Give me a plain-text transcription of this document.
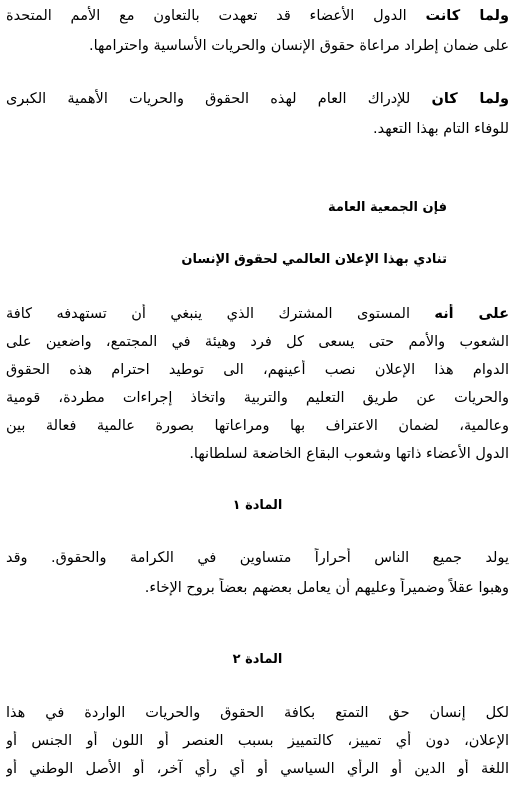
ولما كانت الدول الأعضاء قد تعهدت بالتعاون مع الأمم المتحدة
على ضمان إطراد مراعاة حقوق الإنسان والحريات الأساسية واحترامها.
ولما كان للإدراك العام لهذه الحقوق والحريات الأهمية الكبرى
للوفاء التام بهذا التعهد.
فإن الجمعية العامة
تنادي بهذا الإعلان العالمي لحقوق الإنسان
على أنه المستوى المشترك الذي ينبغي أن تستهدفه كافة
الشعوب والأمم حتى يسعى كل فرد وهيئة في المجتمع، واضعين على
الدوام هذا الإعلان نصب أعينهم، الى توطيد احترام هذه الحقوق
والحريات عن طريق التعليم والتربية واتخاذ إجراءات مطردة، قومية
وعالمية، لضمان الاعتراف بها ومراعاتها بصورة عالمية فعالة بين
الدول الأعضاء ذاتها وشعوب البقاع الخاضعة لسلطانها.
المادة ١
يولد جميع الناس أحراراً متساوين في الكرامة والحقوق. وقد
وهبوا عقلاً وضميراً وعليهم أن يعامل بعضهم بعضاً بروح الإخاء.
المادة ٢
لكل إنسان حق التمتع بكافة الحقوق والحريات الواردة في هذا
الإعلان، دون أي تمييز، كالتمييز بسبب العنصر أو اللون أو الجنس أو
اللغة أو الدين أو الرأي السياسي أو أي رأي آخر، أو الأصل الوطني أو
